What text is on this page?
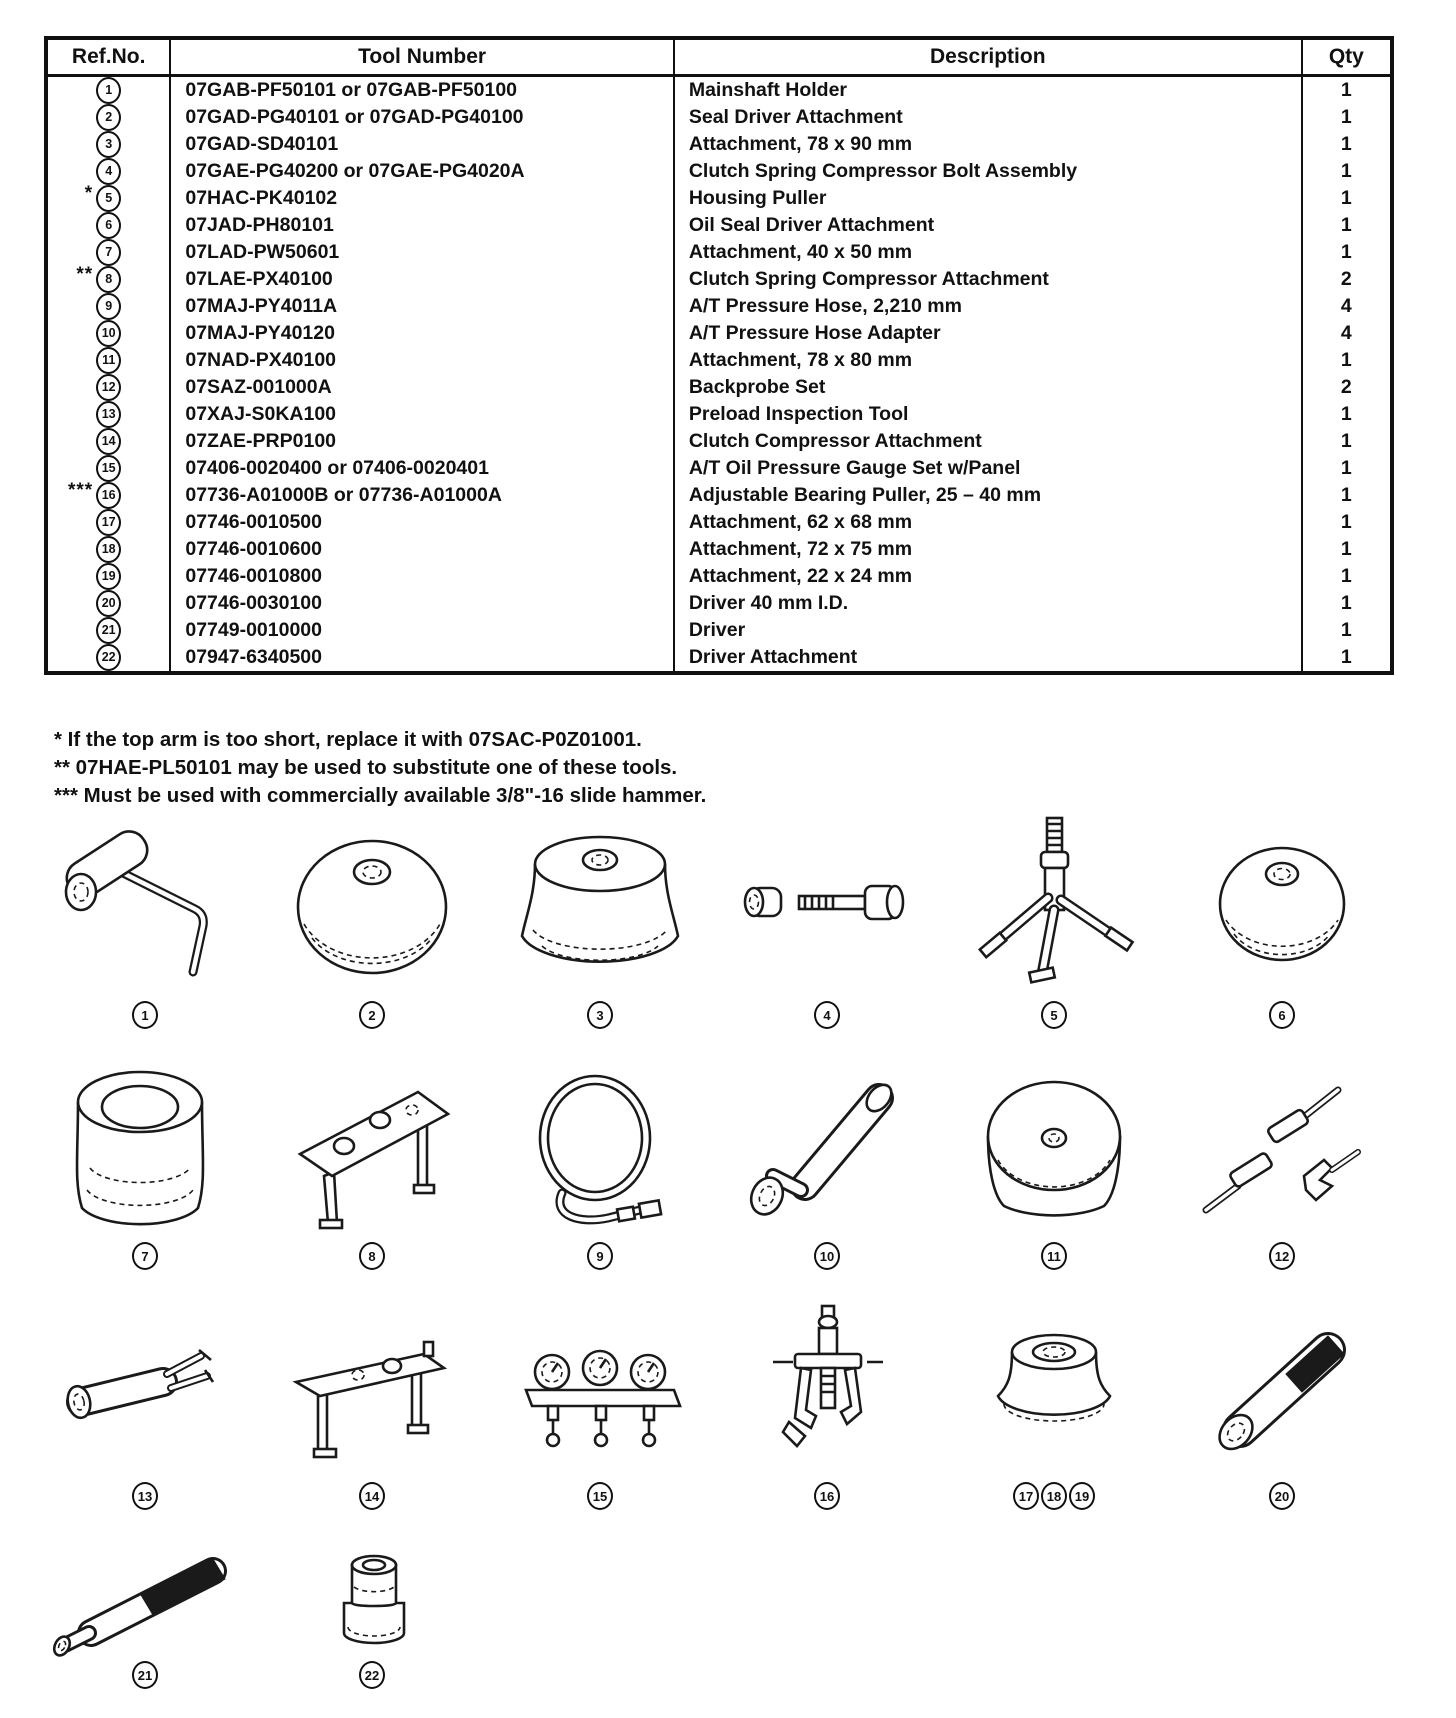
Ref.No.	Tool Number	Description	Qty

1	07GAB-PF50101 or 07GAB-PF50100	Mainshaft Holder	1

2	07GAD-PG40101 or 07GAD-PG40100	Seal Driver Attachment	1

3	07GAD-SD40101	Attachment, 78 x 90 mm	1

4	07GAE-PG40200 or 07GAE-PG4020A	Clutch Spring Compressor Bolt Assembly	1

* 5	07HAC-PK40102	Housing Puller	1

6	07JAD-PH80101	Oil Seal Driver Attachment	1

7	07LAD-PW50601	Attachment, 40 x 50 mm	1

** 8	07LAE-PX40100	Clutch Spring Compressor Attachment	2

9	07MAJ-PY4011A	A/T Pressure Hose, 2,210 mm	4

10	07MAJ-PY40120	A/T Pressure Hose Adapter	4

11	07NAD-PX40100	Attachment, 78 x 80 mm	1

12	07SAZ-001000A	Backprobe Set	2

13	07XAJ-S0KA100	Preload Inspection Tool	1

14	07ZAE-PRP0100	Clutch Compressor Attachment	1

15	07406-0020400 or 07406-0020401	A/T Oil Pressure Gauge Set w/Panel	1

*** 16	07736-A01000B or 07736-A01000A	Adjustable Bearing Puller, 25 – 40 mm	1

17	07746-0010500	Attachment, 62 x 68 mm	1

18	07746-0010600	Attachment, 72 x 75 mm	1

19	07746-0010800	Attachment, 22 x 24 mm	1

20	07746-0030100	Driver 40 mm I.D.	1

21	07749-0010000	Driver	1

22	07947-6340500	Driver Attachment	1
* If the top arm is too short, replace it with 07SAC-P0Z01001.
** 07HAE-PL50101 may be used to substitute one of these tools.
*** Must be used with commercially available 3/8"-16 slide hammer.
1	2	3	4	5	6
7	8	9	10	11	12
13	14	15	16	17	18	19	20
21	22
